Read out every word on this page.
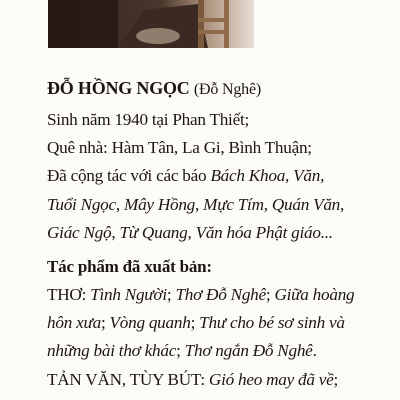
ĐỖ HỒNG NGỌC (Đỗ Nghê)
Sinh năm 1940 tại Phan Thiết;
Quê nhà: Hàm Tân, La Gi, Bình Thuận;
Đã cộng tác với các báo Bách Khoa, Văn,
Tuổi Ngọc, Mây Hồng, Mực Tím, Quán Văn,
Giác Ngộ, Từ Quang, Văn hóa Phật giáo...
Tác phẩm đã xuất bản:
THƠ: Tình Người; Thơ Đỗ Nghê; Giữa hoàng
hôn xưa; Vòng quanh; Thư cho bé sơ sinh và
những bài thơ khác; Thơ ngắn Đỗ Nghê.
TẢN VĂN, TÙY BÚT: Gió heo may đã về;
